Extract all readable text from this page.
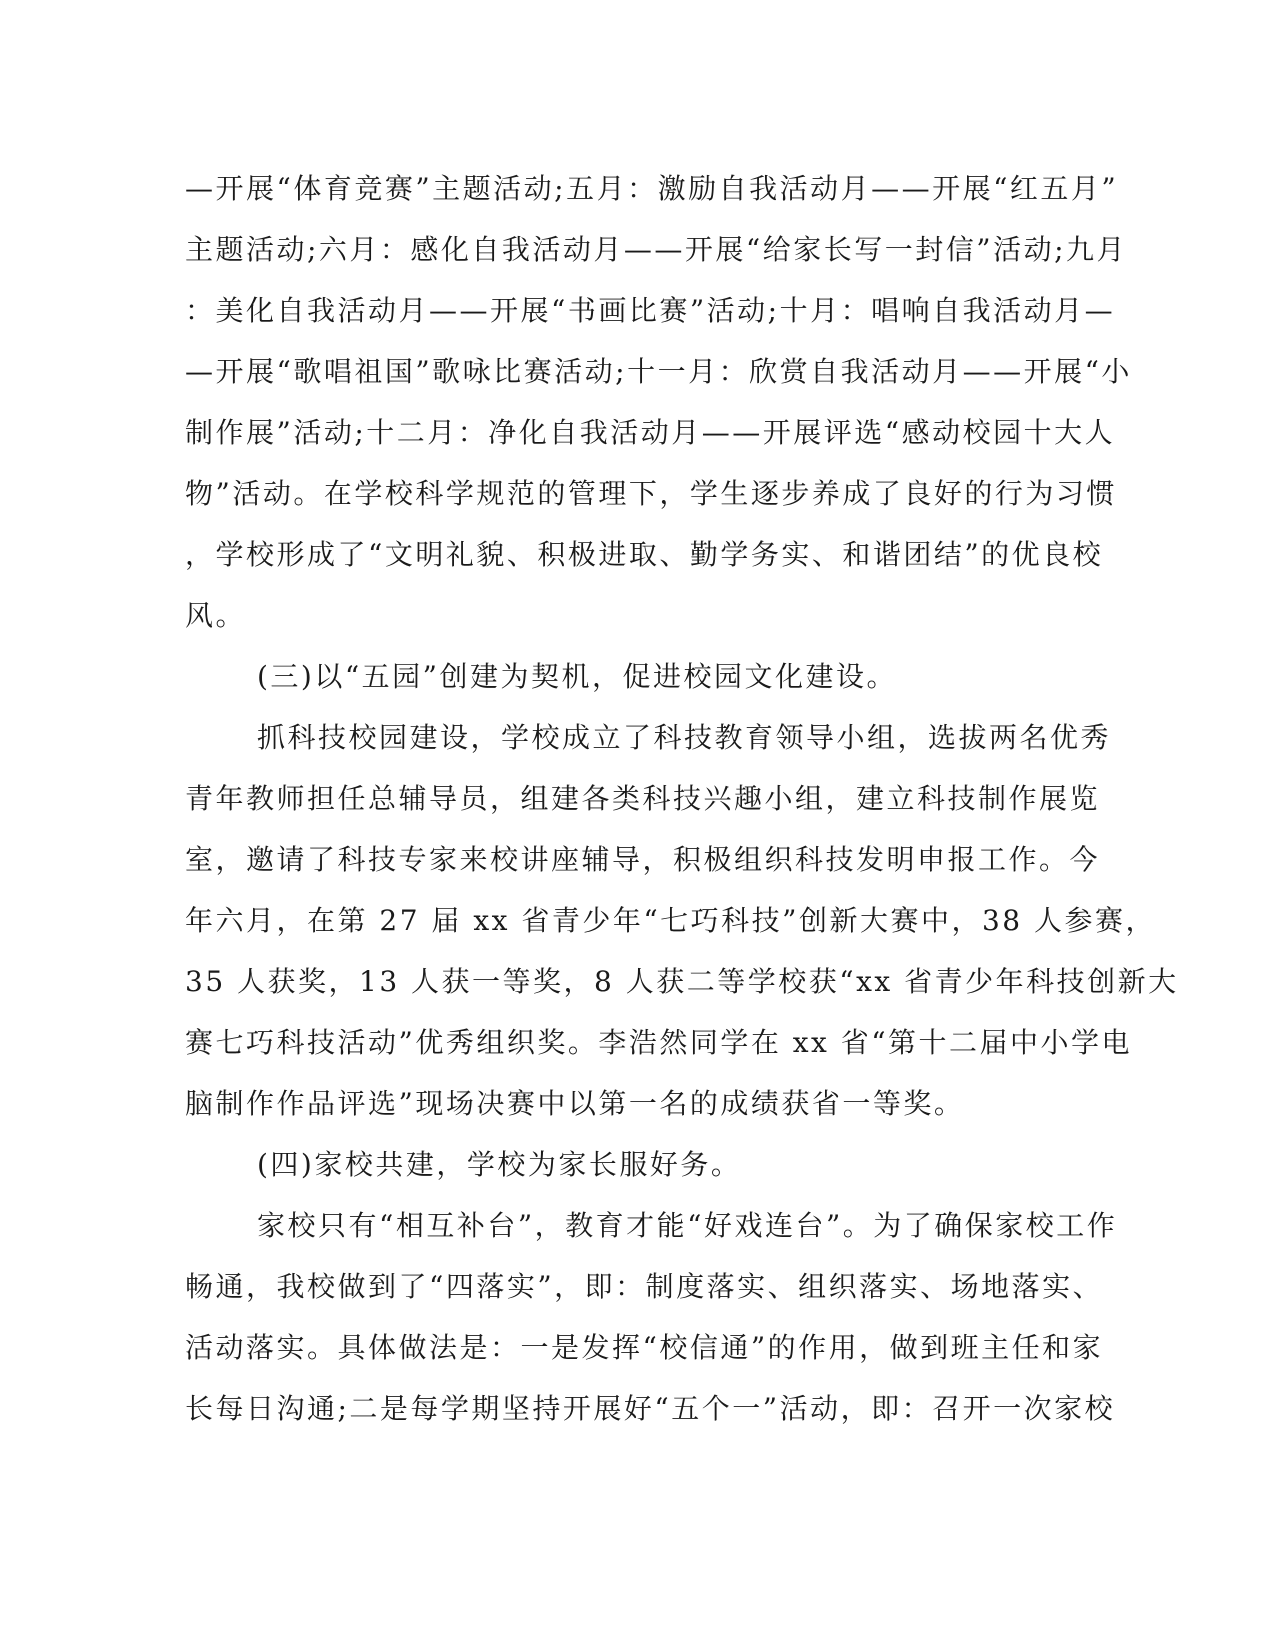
—开展“体育竞赛”主题活动;五月：激励自我活动月——开展“红五月”
主题活动;六月：感化自我活动月——开展“给家长写一封信”活动;九月
：美化自我活动月——开展“书画比赛”活动;十月：唱响自我活动月—
—开展“歌唱祖国”歌咏比赛活动;十一月：欣赏自我活动月——开展“小
制作展”活动;十二月：净化自我活动月——开展评选“感动校园十大人
物”活动。在学校科学规范的管理下，学生逐步养成了良好的行为习惯
，学校形成了“文明礼貌、积极进取、勤学务实、和谐团结”的优良校
风。
(三)以“五园”创建为契机，促进校园文化建设。
抓科技校园建设，学校成立了科技教育领导小组，选拔两名优秀
青年教师担任总辅导员，组建各类科技兴趣小组，建立科技制作展览
室，邀请了科技专家来校讲座辅导，积极组织科技发明申报工作。今
年六月，在第 27 届 xx 省青少年“七巧科技”创新大赛中，38 人参赛，
35 人获奖，13 人获一等奖，8 人获二等学校获“xx 省青少年科技创新大
赛七巧科技活动”优秀组织奖。李浩然同学在 xx 省“第十二届中小学电
脑制作作品评选”现场决赛中以第一名的成绩获省一等奖。
(四)家校共建，学校为家长服好务。
家校只有“相互补台”，教育才能“好戏连台”。为了确保家校工作
畅通，我校做到了“四落实”，即：制度落实、组织落实、场地落实、
活动落实。具体做法是：一是发挥“校信通”的作用，做到班主任和家
长每日沟通;二是每学期坚持开展好“五个一”活动，即：召开一次家校
